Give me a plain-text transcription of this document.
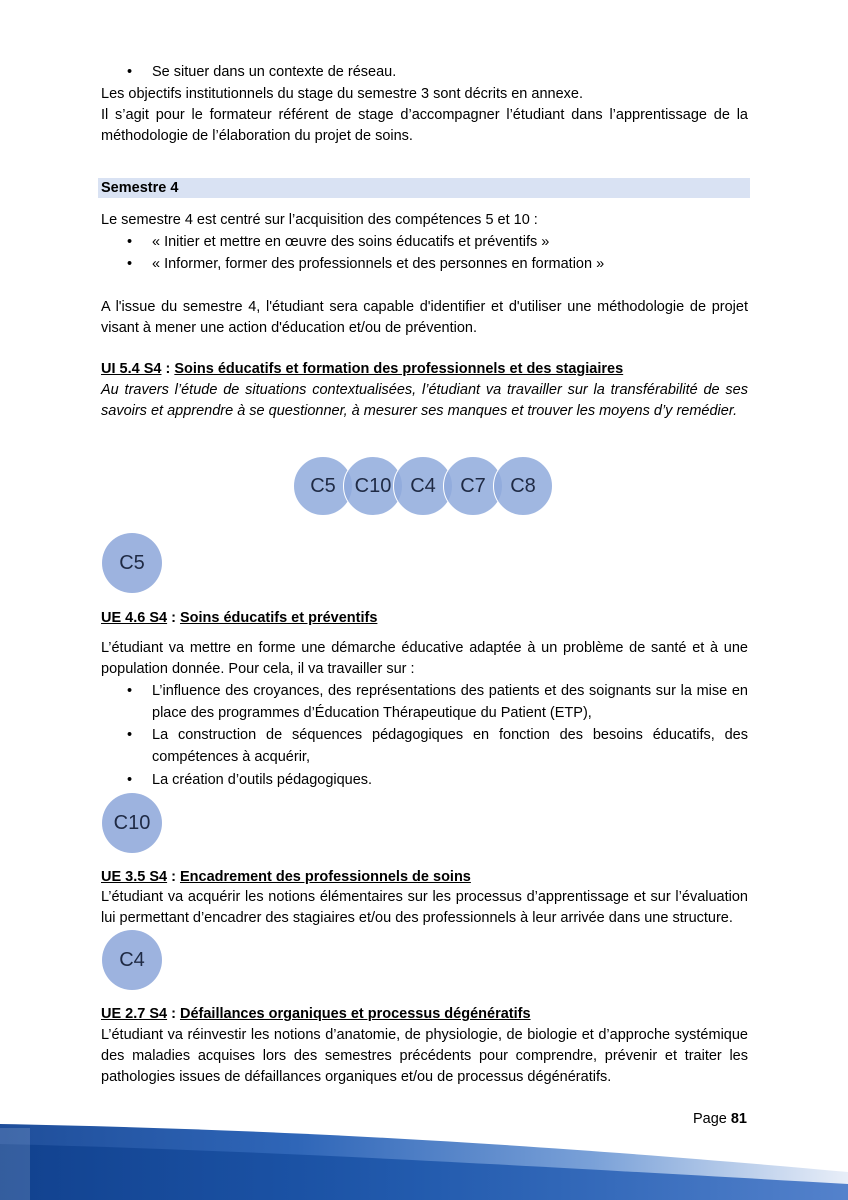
• Se situer dans un contexte de réseau.
Les objectifs institutionnels du stage du semestre 3 sont décrits en annexe.
Il s’agit pour le formateur référent de stage d’accompagner l’étudiant dans l’apprentissage de la méthodologie de l’élaboration du projet de soins.
Semestre 4
Le semestre 4 est centré sur l’acquisition des compétences 5 et 10 :
• « Initier et mettre en œuvre des soins éducatifs et préventifs »
• « Informer, former des professionnels et des personnes en formation »
A l'issue du semestre 4, l'étudiant sera capable d'identifier et d'utiliser une méthodologie de projet visant à mener une action d'éducation et/ou de prévention.
UI 5.4 S4 : Soins éducatifs et formation des professionnels et des stagiaires
Au travers l’étude de situations contextualisées, l’étudiant va travailler sur la transférabilité de ses savoirs et apprendre à se questionner, à mesurer ses manques et trouver les moyens d’y remédier.
C5 C10 C4	C7	C8
C5
UE 4.6 S4 : Soins éducatifs et préventifs
L’étudiant va mettre en forme une démarche éducative adaptée à un problème de santé et à une population donnée. Pour cela, il va travailler sur :
• L’influence des croyances, des représentations des patients et des soignants sur la mise en place des programmes d’Éducation Thérapeutique du Patient (ETP),
• La construction de séquences pédagogiques en fonction des besoins éducatifs, des compétences à acquérir,
• La création d’outils pédagogiques.
C10
UE 3.5 S4 : Encadrement des professionnels de soins
L’étudiant va acquérir les notions élémentaires sur les processus d’apprentissage et sur l’évaluation lui permettant d’encadrer des stagiaires et/ou des professionnels à leur arrivée dans une structure.
C4
UE 2.7 S4 : Défaillances organiques et processus dégénératifs
L’étudiant va réinvestir les notions d’anatomie, de physiologie, de biologie et d’approche systémique des maladies acquises lors des semestres précédents pour comprendre, prévenir et traiter les pathologies issues de défaillances organiques et/ou de processus dégénératifs.
Page 81
